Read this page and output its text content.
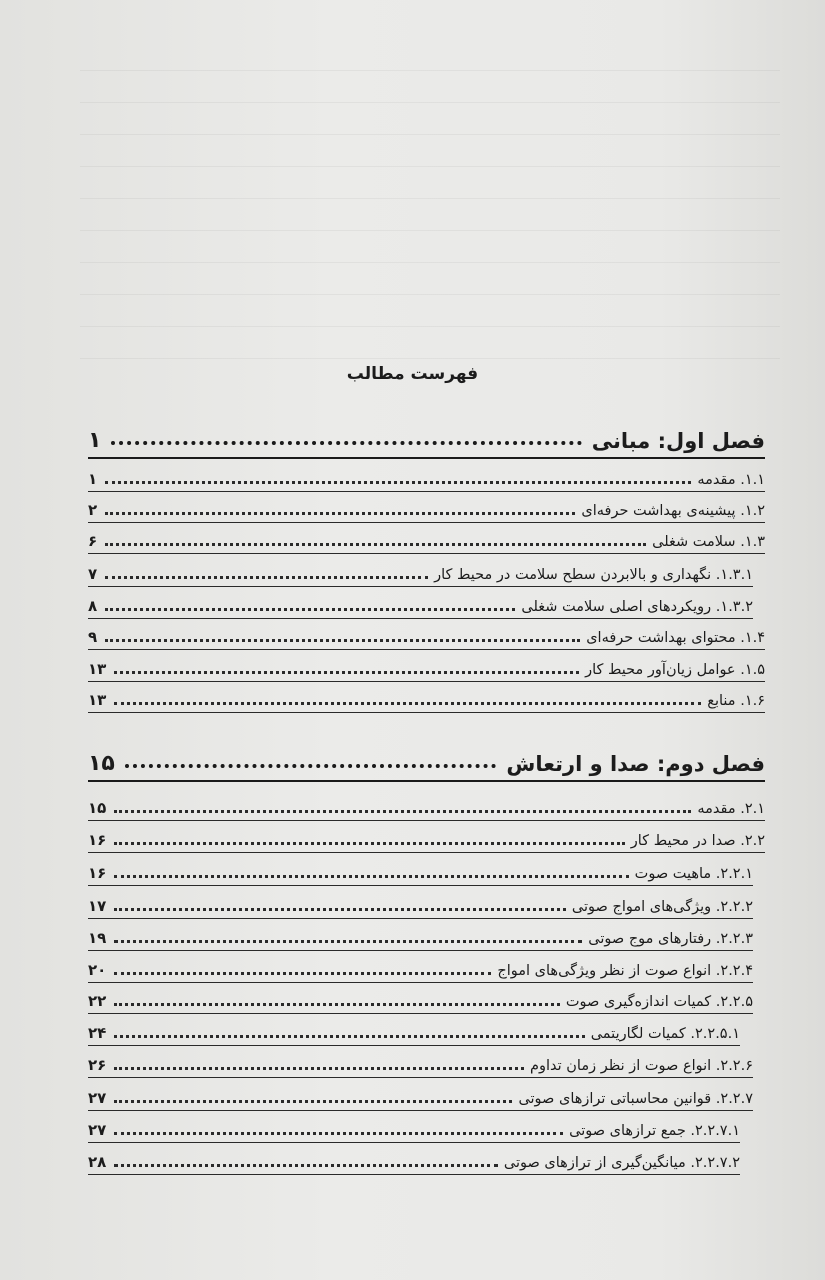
فهرست مطالب
فصل اول: مبانی
۱
۱.۱. مقدمه
۱
۱.۲. پیشینه‌ی بهداشت حرفه‌ای
۲
۱.۳. سلامت شغلی
۶
۱.۳.۱. نگهداری و بالابردن سطح سلامت در محیط کار
۷
۱.۳.۲. رویکردهای اصلی سلامت شغلی
۸
۱.۴. محتوای بهداشت حرفه‌ای
۹
۱.۵. عوامل زیان‌آور محیط کار
۱۳
۱.۶. منابع
۱۳
فصل دوم: صدا و ارتعاش
۱۵
۲.۱. مقدمه
۱۵
۲.۲. صدا در محیط کار
۱۶
۲.۲.۱. ماهیت صوت
۱۶
۲.۲.۲. ویژگی‌های امواج صوتی
۱۷
۲.۲.۳. رفتارهای موج صوتی
۱۹
۲.۲.۴. انواع صوت از نظر ویژگی‌های امواج
۲۰
۲.۲.۵. کمیات اندازه‌گیری صوت
۲۲
۲.۲.۵.۱. کمیات لگاریتمی
۲۴
۲.۲.۶. انواع صوت از نظر زمان تداوم
۲۶
۲.۲.۷. قوانین محاسباتی ترازهای صوتی
۲۷
۲.۲.۷.۱. جمع ترازهای صوتی
۲۷
۲.۲.۷.۲. میانگین‌گیری از ترازهای صوتی
۲۸
